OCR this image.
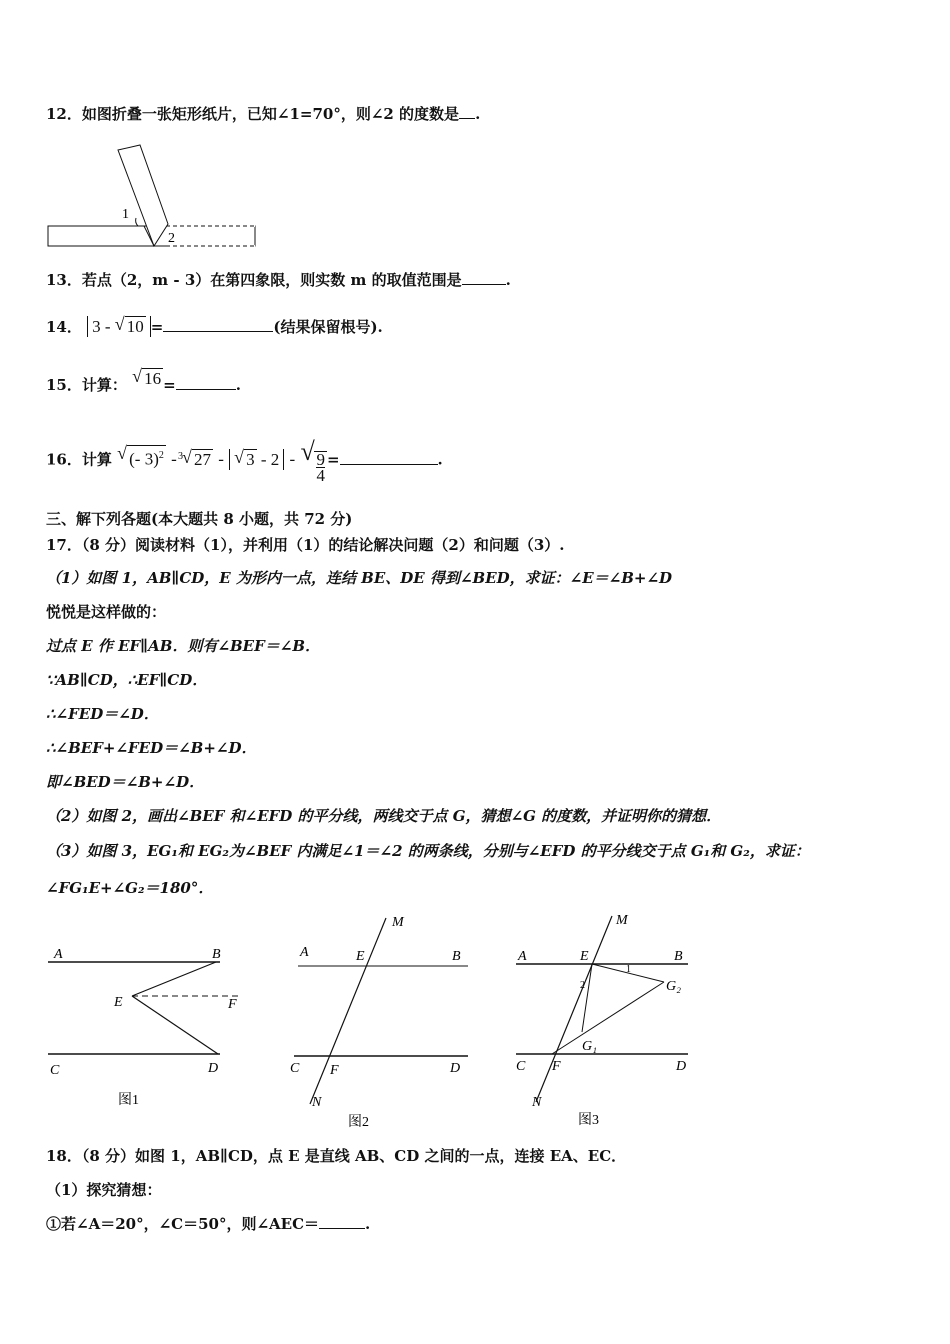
12．如图折叠一张矩形纸片，已知∠1=70°，则∠2 的度数是 .
1
2
13．若点（2，m - 3）在第四象限，则实数 m 的取值范围是	.
14． 3 - √ 10 =	(结果保留根号).
15．计算： √ 16 =	.
16．计算 √ (- 3)$^2$ - 3 √ 27 - √ 3 - 2 - √ $\frac{9}{4}$ =	.
三、解下列各题(本大题共 8 小题，共 72 分)
17．（8 分）阅读材料（1），并利用（1）的结论解决问题（2）和问题（3）.
（1）如图 1，AB∥CD，E 为形内一点，连结 BE、DE 得到∠BED，求证：∠E＝∠B+∠D
悦悦是这样做的：
过点 E 作 EF∥AB．则有∠BEF＝∠B．
∵AB∥CD，∴EF∥CD．
∴∠FED＝∠D．
∴∠BEF+∠FED＝∠B+∠D．
即∠BED＝∠B+∠D．
（2）如图 2，画出∠BEF 和∠EFD 的平分线，两线交于点 G，猜想∠G 的度数，并证明你的猜想．
（3）如图 3，EG₁和 EG₂为∠BEF 内满足∠1＝∠2 的两条线，分别与∠EFD 的平分线交于点 G₁和 G₂，求证：
∠FG₁E+∠G₂＝180°．
A	B
E	F
C	D
图1
M
A	E	B
C F	D
N
图2
M
A	E	B
G₂
G₁
1
2
C F	D
N
图3
18．（8 分）如图 1，AB∥CD，点 E 是直线 AB、CD 之间的一点，连接 EA、EC．
（1）探究猜想：
①若∠A＝20°，∠C＝50°，则∠AEC＝	.
